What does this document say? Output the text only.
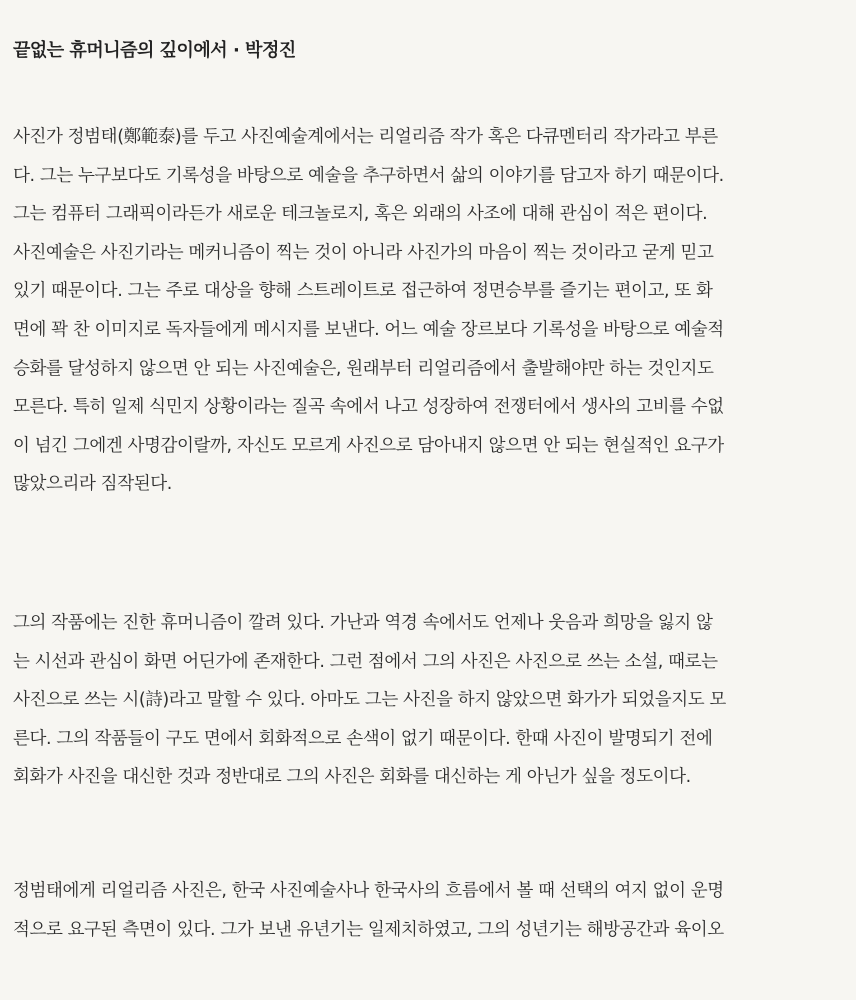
끝없는 휴머니즘의 깊이에서 · 박정진
사진가 정범태(鄭範泰)를 두고 사진예술계에서는 리얼리즘 작가 혹은 다큐멘터리 작가라고 부른
다. 그는 누구보다도 기록성을 바탕으로 예술을 추구하면서 삶의 이야기를 담고자 하기 때문이다.
그는 컴퓨터 그래픽이라든가 새로운 테크놀로지, 혹은 외래의 사조에 대해 관심이 적은 편이다.
사진예술은 사진기라는 메커니즘이 찍는 것이 아니라 사진가의 마음이 찍는 것이라고 굳게 믿고
있기 때문이다. 그는 주로 대상을 향해 스트레이트로 접근하여 정면승부를 즐기는 편이고, 또 화
면에 꽉 찬 이미지로 독자들에게 메시지를 보낸다. 어느 예술 장르보다 기록성을 바탕으로 예술적
승화를 달성하지 않으면 안 되는 사진예술은, 원래부터 리얼리즘에서 출발해야만 하는 것인지도
모른다. 특히 일제 식민지 상황이라는 질곡 속에서 나고 성장하여 전쟁터에서 생사의 고비를 수없
이 넘긴 그에겐 사명감이랄까, 자신도 모르게 사진으로 담아내지 않으면 안 되는 현실적인 요구가
많았으리라 짐작된다.
그의 작품에는 진한 휴머니즘이 깔려 있다. 가난과 역경 속에서도 언제나 웃음과 희망을 잃지 않
는 시선과 관심이 화면 어딘가에 존재한다. 그런 점에서 그의 사진은 사진으로 쓰는 소설, 때로는
사진으로 쓰는 시(詩)라고 말할 수 있다. 아마도 그는 사진을 하지 않았으면 화가가 되었을지도 모
른다. 그의 작품들이 구도 면에서 회화적으로 손색이 없기 때문이다. 한때 사진이 발명되기 전에
회화가 사진을 대신한 것과 정반대로 그의 사진은 회화를 대신하는 게 아닌가 싶을 정도이다.
정범태에게 리얼리즘 사진은, 한국 사진예술사나 한국사의 흐름에서 볼 때 선택의 여지 없이 운명
적으로 요구된 측면이 있다. 그가 보낸 유년기는 일제치하였고, 그의 성년기는 해방공간과 육이오
